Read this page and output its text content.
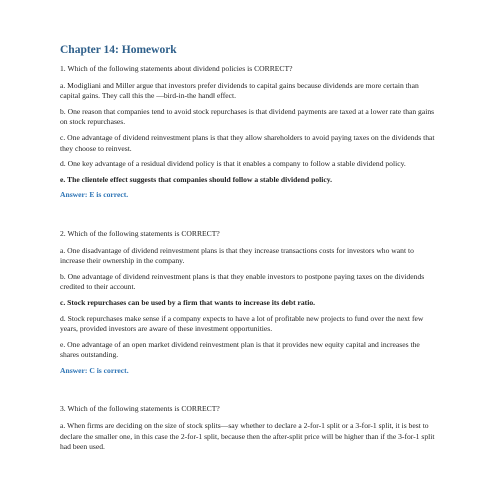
Chapter 14: Homework
1. Which of the following statements about dividend policies is CORRECT?
a. Modigliani and Miller argue that investors prefer dividends to capital gains because dividends are more certain than capital gains. They call this the ―bird-in-the hand‖ effect.
b. One reason that companies tend to avoid stock repurchases is that dividend payments are taxed at a lower rate than gains on stock repurchases.
c. One advantage of dividend reinvestment plans is that they allow shareholders to avoid paying taxes on the dividends that they choose to reinvest.
d. One key advantage of a residual dividend policy is that it enables a company to follow a stable dividend policy.
e. The clientele effect suggests that companies should follow a stable dividend policy.
Answer: E is correct.
2. Which of the following statements is CORRECT?
a. One disadvantage of dividend reinvestment plans is that they increase transactions costs for investors who want to increase their ownership in the company.
b. One advantage of dividend reinvestment plans is that they enable investors to postpone paying taxes on the dividends credited to their account.
c. Stock repurchases can be used by a firm that wants to increase its debt ratio.
d. Stock repurchases make sense if a company expects to have a lot of profitable new projects to fund over the next few years, provided investors are aware of these investment opportunities.
e. One advantage of an open market dividend reinvestment plan is that it provides new equity capital and increases the shares outstanding.
Answer: C is correct.
3. Which of the following statements is CORRECT?
a. When firms are deciding on the size of stock splits—say whether to declare a 2-for-1 split or a 3-for-1 split, it is best to declare the smaller one, in this case the 2-for-1 split, because then the after-split price will be higher than if the 3-for-1 split had been used.
